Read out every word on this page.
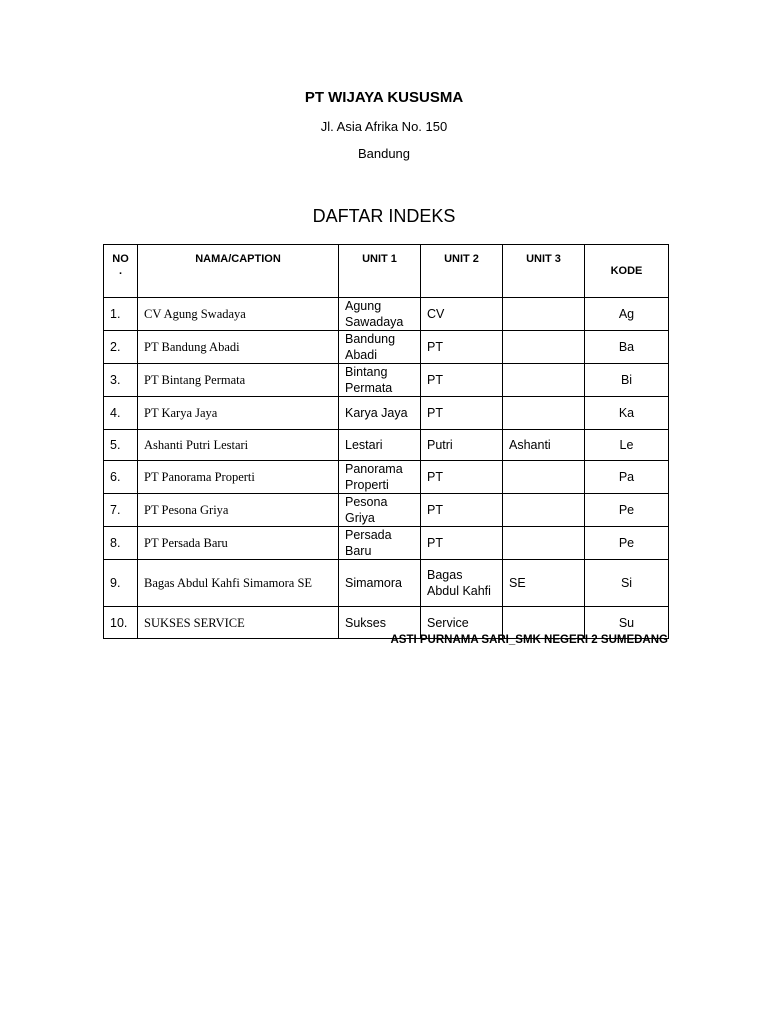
PT WIJAYA KUSUSMA
Jl. Asia Afrika No. 150
Bandung
DAFTAR INDEKS
NO
.	NAMA/CAPTION	UNIT 1	UNIT 2	UNIT 3	KODE
1.	CV Agung Swadaya	Agung Sawadaya	CV		Ag
2.	PT Bandung Abadi	Bandung Abadi	PT		Ba
3.	PT Bintang Permata	Bintang Permata	PT		Bi
4.	PT Karya Jaya	Karya Jaya	PT		Ka
5.	Ashanti Putri Lestari	Lestari	Putri	Ashanti	Le
6.	PT Panorama Properti	Panorama Properti	PT		Pa
7.	PT Pesona Griya	Pesona Griya	PT		Pe
8.	PT Persada Baru	Persada Baru	PT		Pe
9.	Bagas Abdul Kahfi Simamora SE	Simamora	Bagas Abdul Kahfi	SE	Si
10.	SUKSES SERVICE	Sukses	Service		Su
ASTI PURNAMA SARI_SMK NEGERI 2 SUMEDANG
